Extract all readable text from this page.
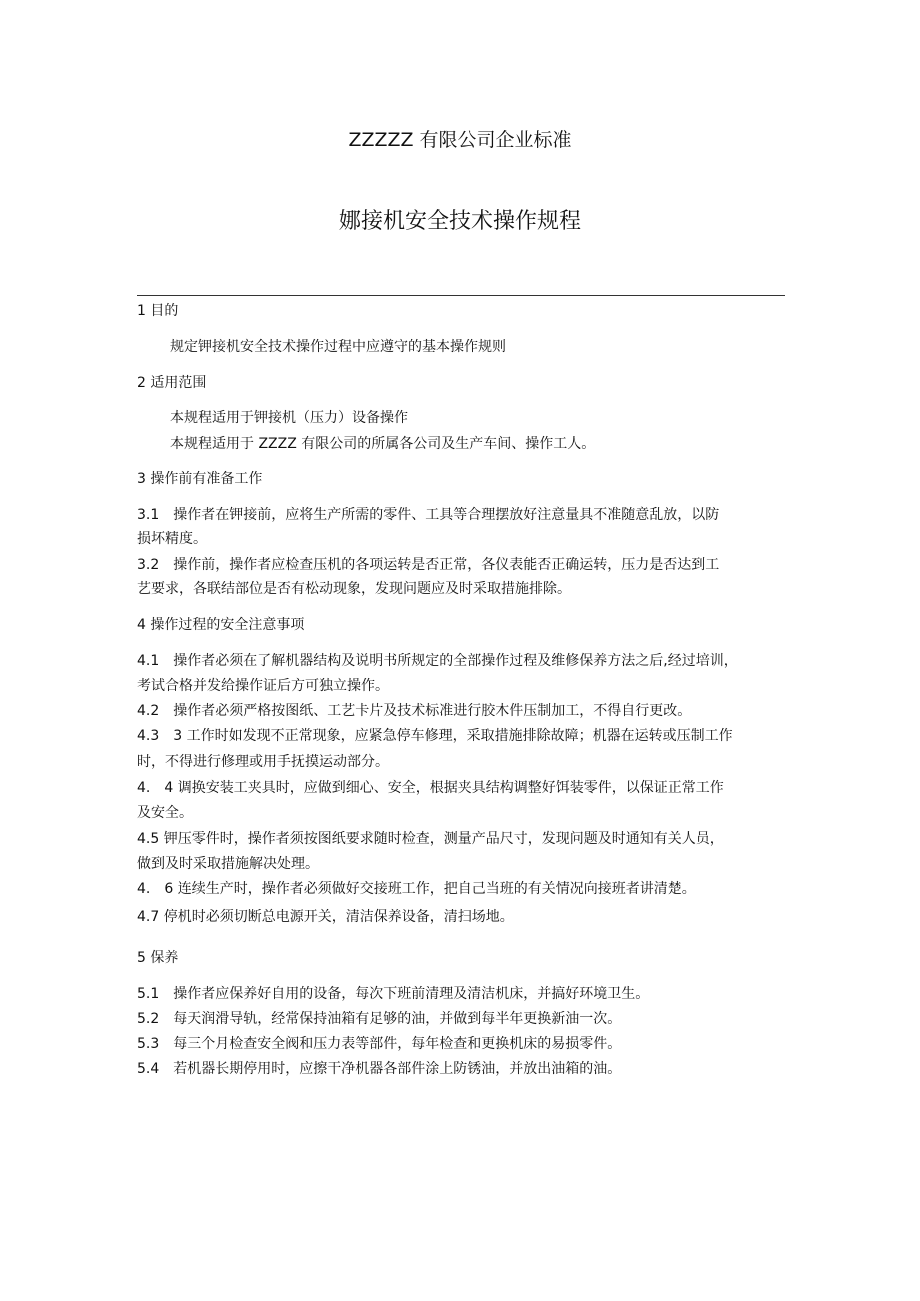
ZZZZZ 有限公司企业标准
娜接机安全技术操作规程
1 目的
规定钾接机安全技术操作过程中应遵守的基本操作规则
2 适用范围
本规程适用于钾接机（压力）设备操作
本规程适用于 ZZZZ 有限公司的所属各公司及生产车间、操作工人。
3 操作前有准备工作
3.1　操作者在钾接前，应将生产所需的零件、工具等合理摆放好注意量具不准随意乱放，以防
损坏精度。
3.2　操作前，操作者应检查压机的各项运转是否正常，各仪表能否正确运转，压力是否达到工
艺要求，各联结部位是否有松动现象，发现问题应及时采取措施排除。
4 操作过程的安全注意事项
4.1　操作者必须在了解机器结构及说明书所规定的全部操作过程及维修保养方法之后,经过培训，
考试合格并发给操作证后方可独立操作。
4.2　操作者必须严格按图纸、工艺卡片及技术标准进行胶木件压制加工，不得自行更改。
4.3　3 工作时如发现不正常现象，应紧急停车修理，采取措施排除故障；机器在运转或压制工作
时，不得进行修理或用手抚摸运动部分。
4.　4 调换安装工夹具时，应做到细心、安全，根据夹具结构调整好饵装零件，以保证正常工作
及安全。
4.5 钾压零件时，操作者须按图纸要求随时检查，测量产品尺寸，发现问题及时通知有关人员，
做到及时采取措施解决处理。
4.　6 连续生产时，操作者必须做好交接班工作，把自己当班的有关情况向接班者讲清楚。
4.7 停机时必须切断总电源开关，清洁保养设备，清扫场地。
5 保养
5.1　操作者应保养好自用的设备，每次下班前清理及清洁机床，并搞好环境卫生。
5.2　每天润滑导轨，经常保持油箱有足够的油，并做到每半年更换新油一次。
5.3　每三个月检查安全阀和压力表等部件，每年检查和更换机床的易损零件。
5.4　若机器长期停用时，应擦干净机器各部件涂上防锈油，并放出油箱的油。
